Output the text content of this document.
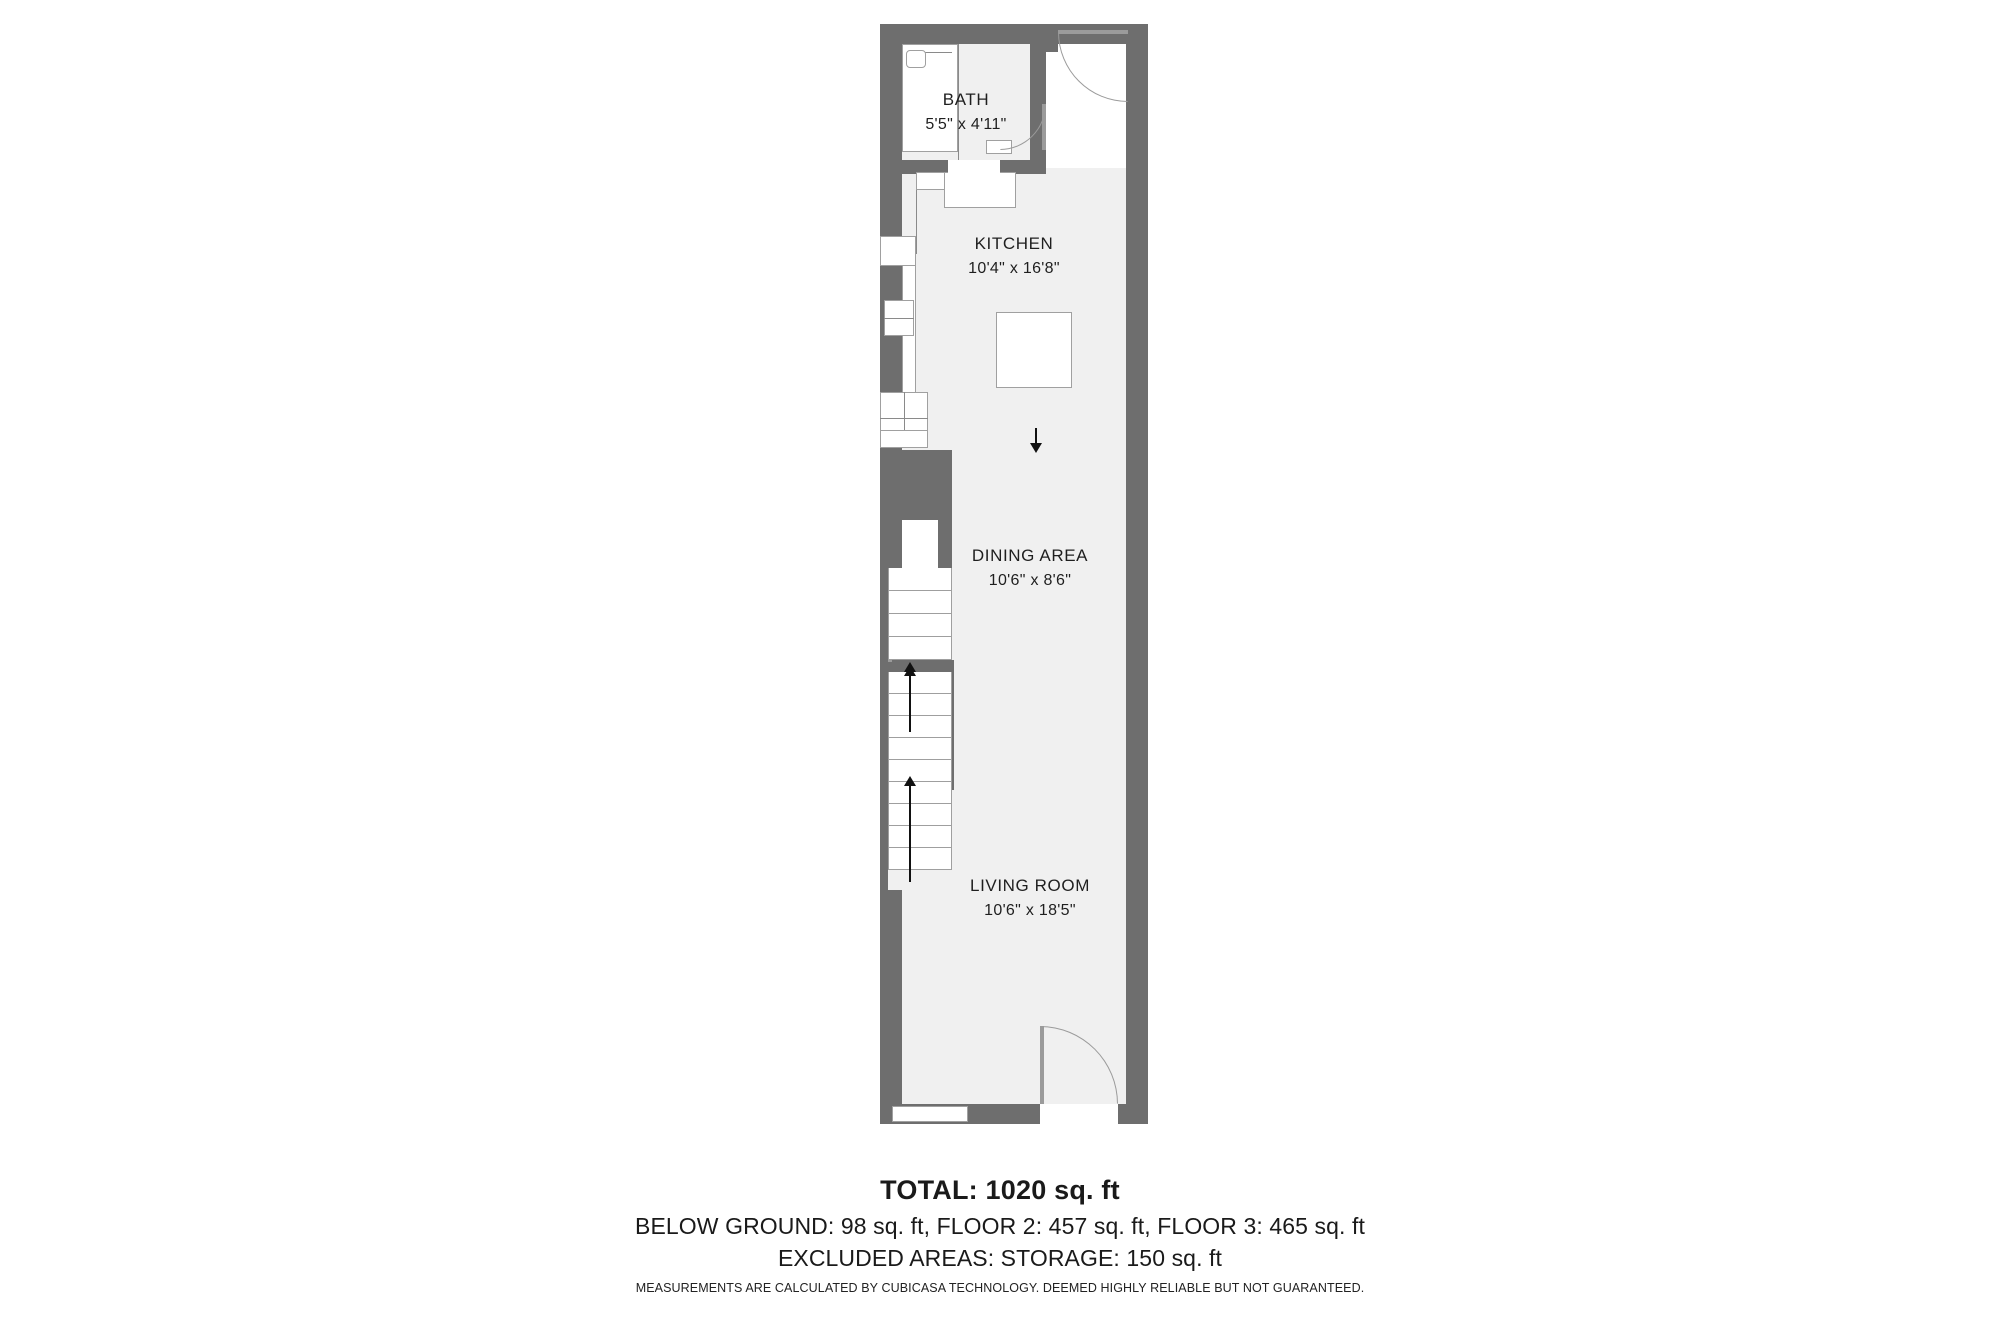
BATH
5'5" x 4'11"
KITCHEN
10'4" x 16'8"
DINING AREA
10'6" x 8'6"
LIVING ROOM
10'6" x 18'5"
TOTAL: 1020 sq. ft
BELOW GROUND: 98 sq. ft, FLOOR 2: 457 sq. ft, FLOOR 3: 465 sq. ft
EXCLUDED AREAS: STORAGE: 150 sq. ft
MEASUREMENTS ARE CALCULATED BY CUBICASA TECHNOLOGY. DEEMED HIGHLY RELIABLE BUT NOT GUARANTEED.
